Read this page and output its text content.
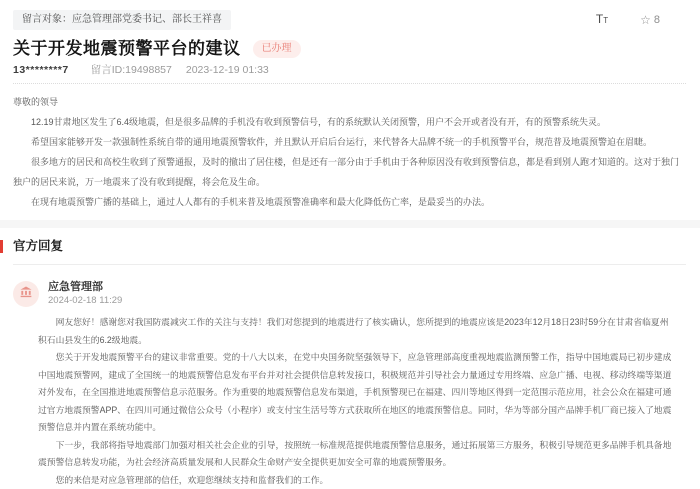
留言对象：应急管理部党委书记、部长王祥喜	TT	☆ 8
关于开发地震预警平台的建议	已办理
13********7 留言ID:19498857 2023-12-19 01:33

尊敬的领导

12.19甘肃地区发生了6.4级地震，但是很多品牌的手机没有收到预警信号，有的系统默认关闭预警，用户不会开或者没有开，有的预警系统失灵。

希望国家能够开发一款强制性系统自带的通用地震预警软件，并且默认开启后台运行，来代替各大品牌不统一的手机预警平台，规范普及地震预警迫在眉睫。

很多地方的居民和高校生收到了预警通报，及时的撤出了居住楼，但是还有一部分由于手机由于各种原因没有收到预警信息，都是看到别人跑才知道的。这对于独门独户的居民来说，万一地震来了没有收到提醒，将会危及生命。

在现有地震预警广播的基础上，通过人人都有的手机来普及地震预警准确率和最大化降低伤亡率，是最妥当的办法。

官方回复
应急管理部
2024-02-18 11:29

网友您好！感谢您对我国防震减灾工作的关注与支持！我们对您提到的地震进行了核实确认，您所提到的地震应该是2023年12月18日23时59分在甘肃省临夏州积石山县发生的6.2级地震。

您关于开发地震预警平台的建议非常重要。党的十八大以来，在党中央国务院坚强领导下，应急管理部高度重视地震监测预警工作，指导中国地震局已初步建成中国地震预警网，建成了全国统一的地震预警信息发布平台并对社会提供信息转发接口，积极规范并引导社会力量通过专用终端、应急广播、电视、移动终端等渠道对外发布，在全国推进地震预警信息示范服务。作为重要的地震预警信息发布渠道，手机预警现已在福建、四川等地区得到一定范围示范应用，社会公众在福建可通过官方地震预警APP、在四川可通过微信公众号（小程序）或支付宝生活号等方式获取所在地区的地震预警信息。同时，华为等部分国产品牌手机厂商已接入了地震预警信息并内置在系统功能中。

下一步，我部将指导地震部门加强对相关社会企业的引导，按照统一标准规范提供地震预警信息服务，通过拓展第三方服务，积极引导规范更多品牌手机具备地震预警信息转发功能，为社会经济高质量发展和人民群众生命财产安全提供更加安全可靠的地震预警服务。

您的来信是对应急管理部的信任，欢迎您继续支持和监督我们的工作。
